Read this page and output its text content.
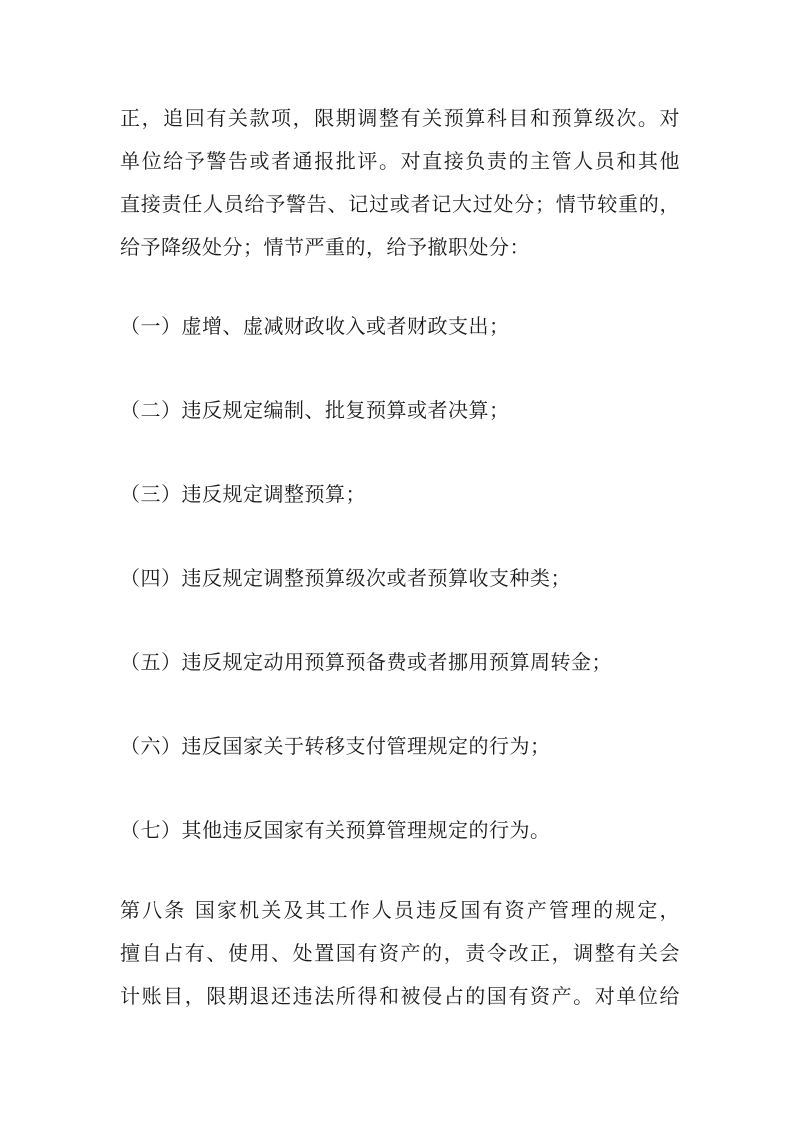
正，追回有关款项，限期调整有关预算科目和预算级次。对
单位给予警告或者通报批评。对直接负责的主管人员和其他
直接责任人员给予警告、记过或者记大过处分；情节较重的，
给予降级处分；情节严重的，给予撤职处分：
（一）虚增、虚减财政收入或者财政支出；
（二）违反规定编制、批复预算或者决算；
（三）违反规定调整预算；
（四）违反规定调整预算级次或者预算收支种类；
（五）违反规定动用预算预备费或者挪用预算周转金；
（六）违反国家关于转移支付管理规定的行为；
（七）其他违反国家有关预算管理规定的行为。
第八条 国家机关及其工作人员违反国有资产管理的规定，
擅自占有、使用、处置国有资产的，责令改正，调整有关会
计账目，限期退还违法所得和被侵占的国有资产。对单位给
